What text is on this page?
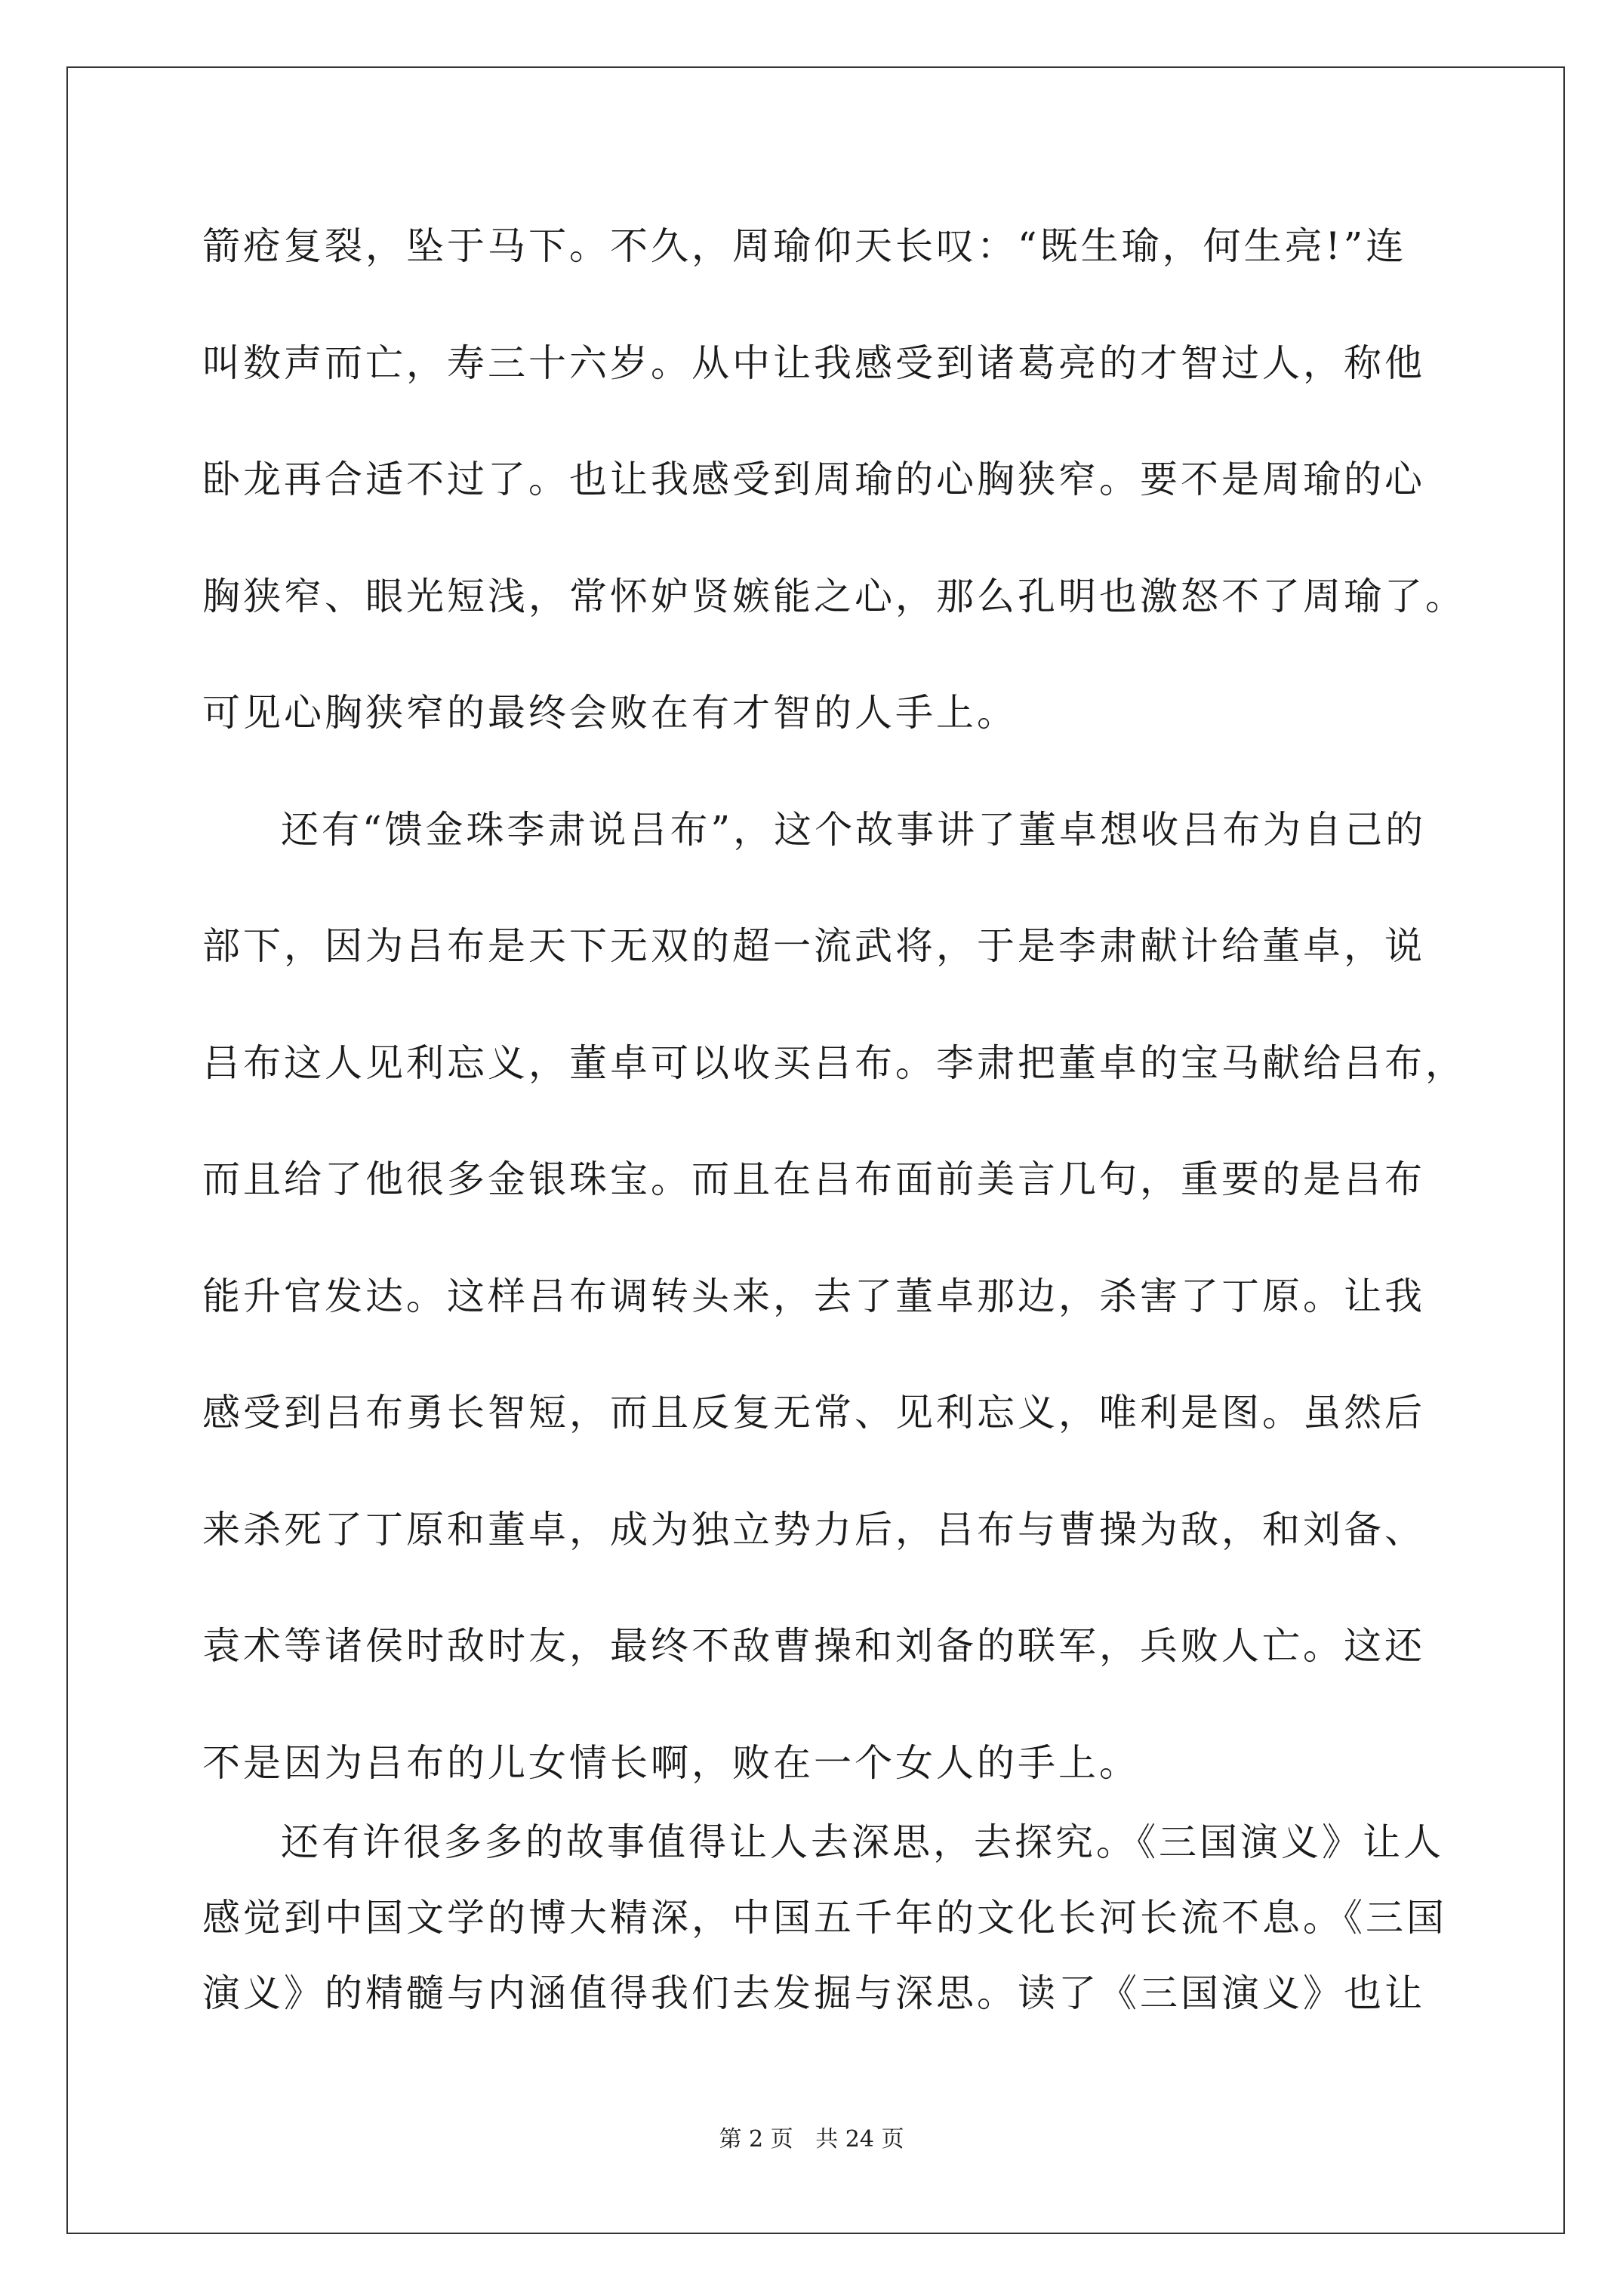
箭疮复裂，坠于马下。不久，周瑜仰天长叹：“既生瑜，何生亮!”连
叫数声而亡，寿三十六岁。从中让我感受到诸葛亮的才智过人，称他
卧龙再合适不过了。也让我感受到周瑜的心胸狭窄。要不是周瑜的心
胸狭窄、眼光短浅，常怀妒贤嫉能之心，那么孔明也激怒不了周瑜了。
可见心胸狭窄的最终会败在有才智的人手上。
还有“馈金珠李肃说吕布”，这个故事讲了董卓想收吕布为自己的
部下，因为吕布是天下无双的超一流武将，于是李肃献计给董卓，说
吕布这人见利忘义，董卓可以收买吕布。李肃把董卓的宝马献给吕布，
而且给了他很多金银珠宝。而且在吕布面前美言几句，重要的是吕布
能升官发达。这样吕布调转头来，去了董卓那边，杀害了丁原。让我
感受到吕布勇长智短，而且反复无常、见利忘义，唯利是图。虽然后
来杀死了丁原和董卓，成为独立势力后，吕布与曹操为敌，和刘备、
袁术等诸侯时敌时友，最终不敌曹操和刘备的联军，兵败人亡。这还
不是因为吕布的儿女情长啊，败在一个女人的手上。
还有许很多多的故事值得让人去深思，去探究。《三国演义》让人
感觉到中国文学的博大精深，中国五千年的文化长河长流不息。《三国
演义》的精髓与内涵值得我们去发掘与深思。读了《三国演义》也让
第 2 页 共 24 页
